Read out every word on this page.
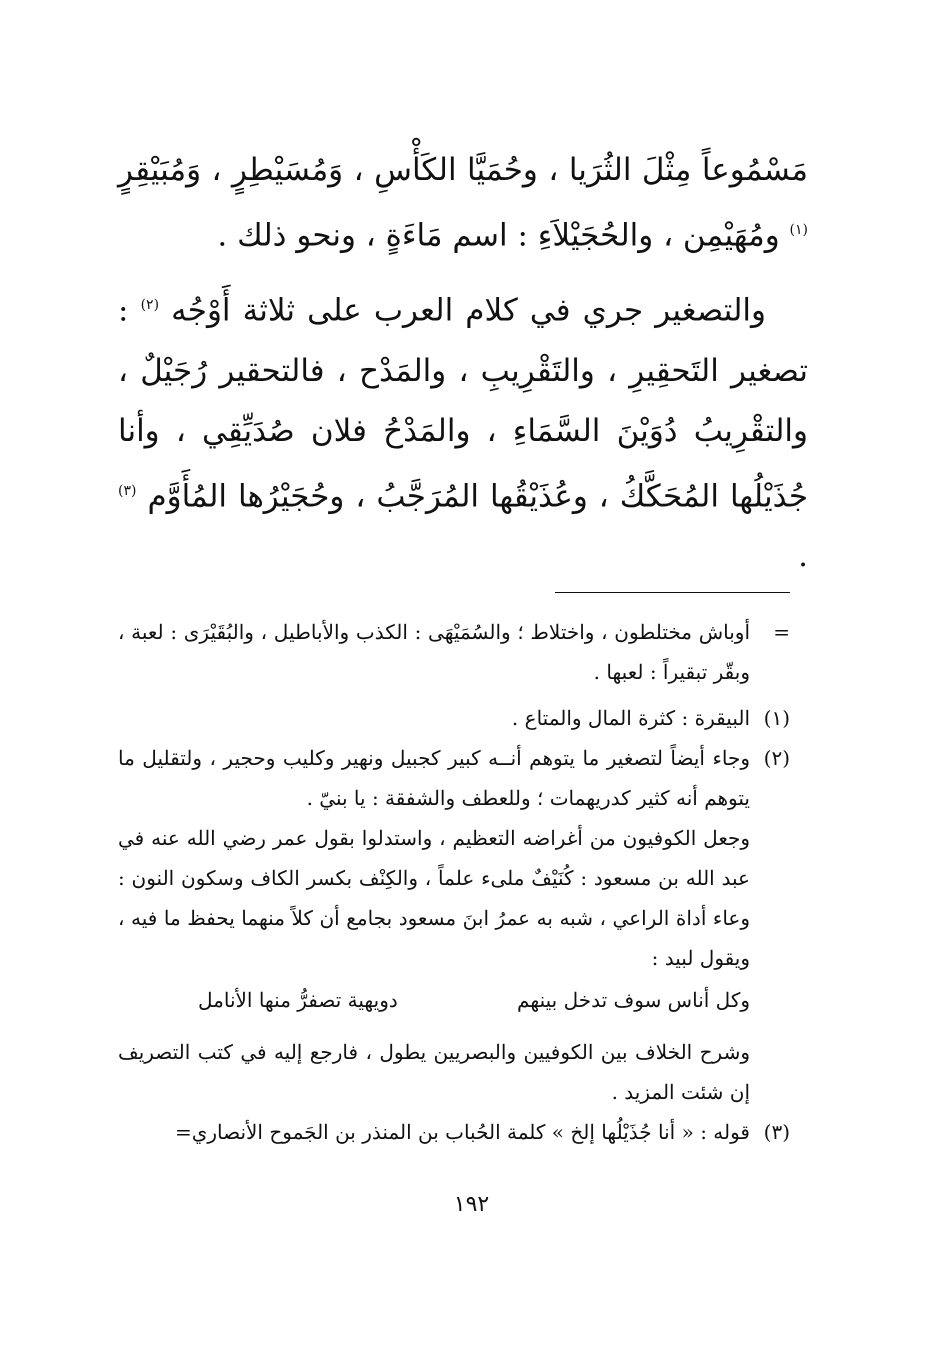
مَسْمُوعاً مِثْلَ الثُرَيا ، وحُمَيَّا الكَأْسِ ، وَمُسَيْطِرٍ ، وَمُبَيْقِرٍ $^{(١)}$ ومُهَيْمِن ، والحُجَيْلاَءِ : اسم مَاءَةٍ ، ونحو ذلك .

والتصغير جري في كلام العرب على ثلاثة أَوْجُه $^{(٢)}$ : تصغير التَحقِيرِ ، والتَقْرِيبِ ، والمَدْح ، فالتحقير رُجَيْلٌ ، والتقْرِيبُ دُوَيْنَ السَّمَاءِ ، والمَدْحُ فلان صُدَيِّقِي ، وأنا جُذَيْلُها المُحَكَّكُ ، وعُذَيْقُها المُرَجَّبُ ، وحُجَيْرُها المُأَوَّم $^{(٣)}$ .

=
أوباش مختلطون ، واختلاط ؛ والسُمَيْهَى : الكذب والأباطيل ، والبُقَيْرَى : لعبة ، وبقّر تبقيراً : لعبها .
(١)
البيقرة : كثرة المال والمتاع .
(٢)

وجاء أيضاً لتصغير ما يتوهم أنــه كبير كجبيل ونهير وكليب وحجير ، ولتقليل ما يتوهم أنه كثير كدريهمات ؛ وللعطف والشفقة : يا بنيّ .

وجعل الكوفيون من أغراضه التعظيم ، واستدلوا بقول عمر رضي الله عنه في عبد الله بن مسعود : كُنَيْفٌ ملىء علماً ، والكِنْف بكسر الكاف وسكون النون : وعاء أداة الراعي ، شبه به عمرُ ابنَ مسعود بجامع أن كلاً منهما يحفظ ما فيه ، ويقول لبيد :

وكل أناس سوف تدخل بينهم
دويهية تصفرُّ منها الأنامل

وشرح الخلاف بين الكوفيين والبصريين يطول ، فارجع إليه في كتب التصريف إن شئت المزيد .

(٣)
قوله : « أنا جُذَيْلُها إلخ » كلمة الحُباب بن المنذر بن الجَموح الأنصاري=
١٩٢
